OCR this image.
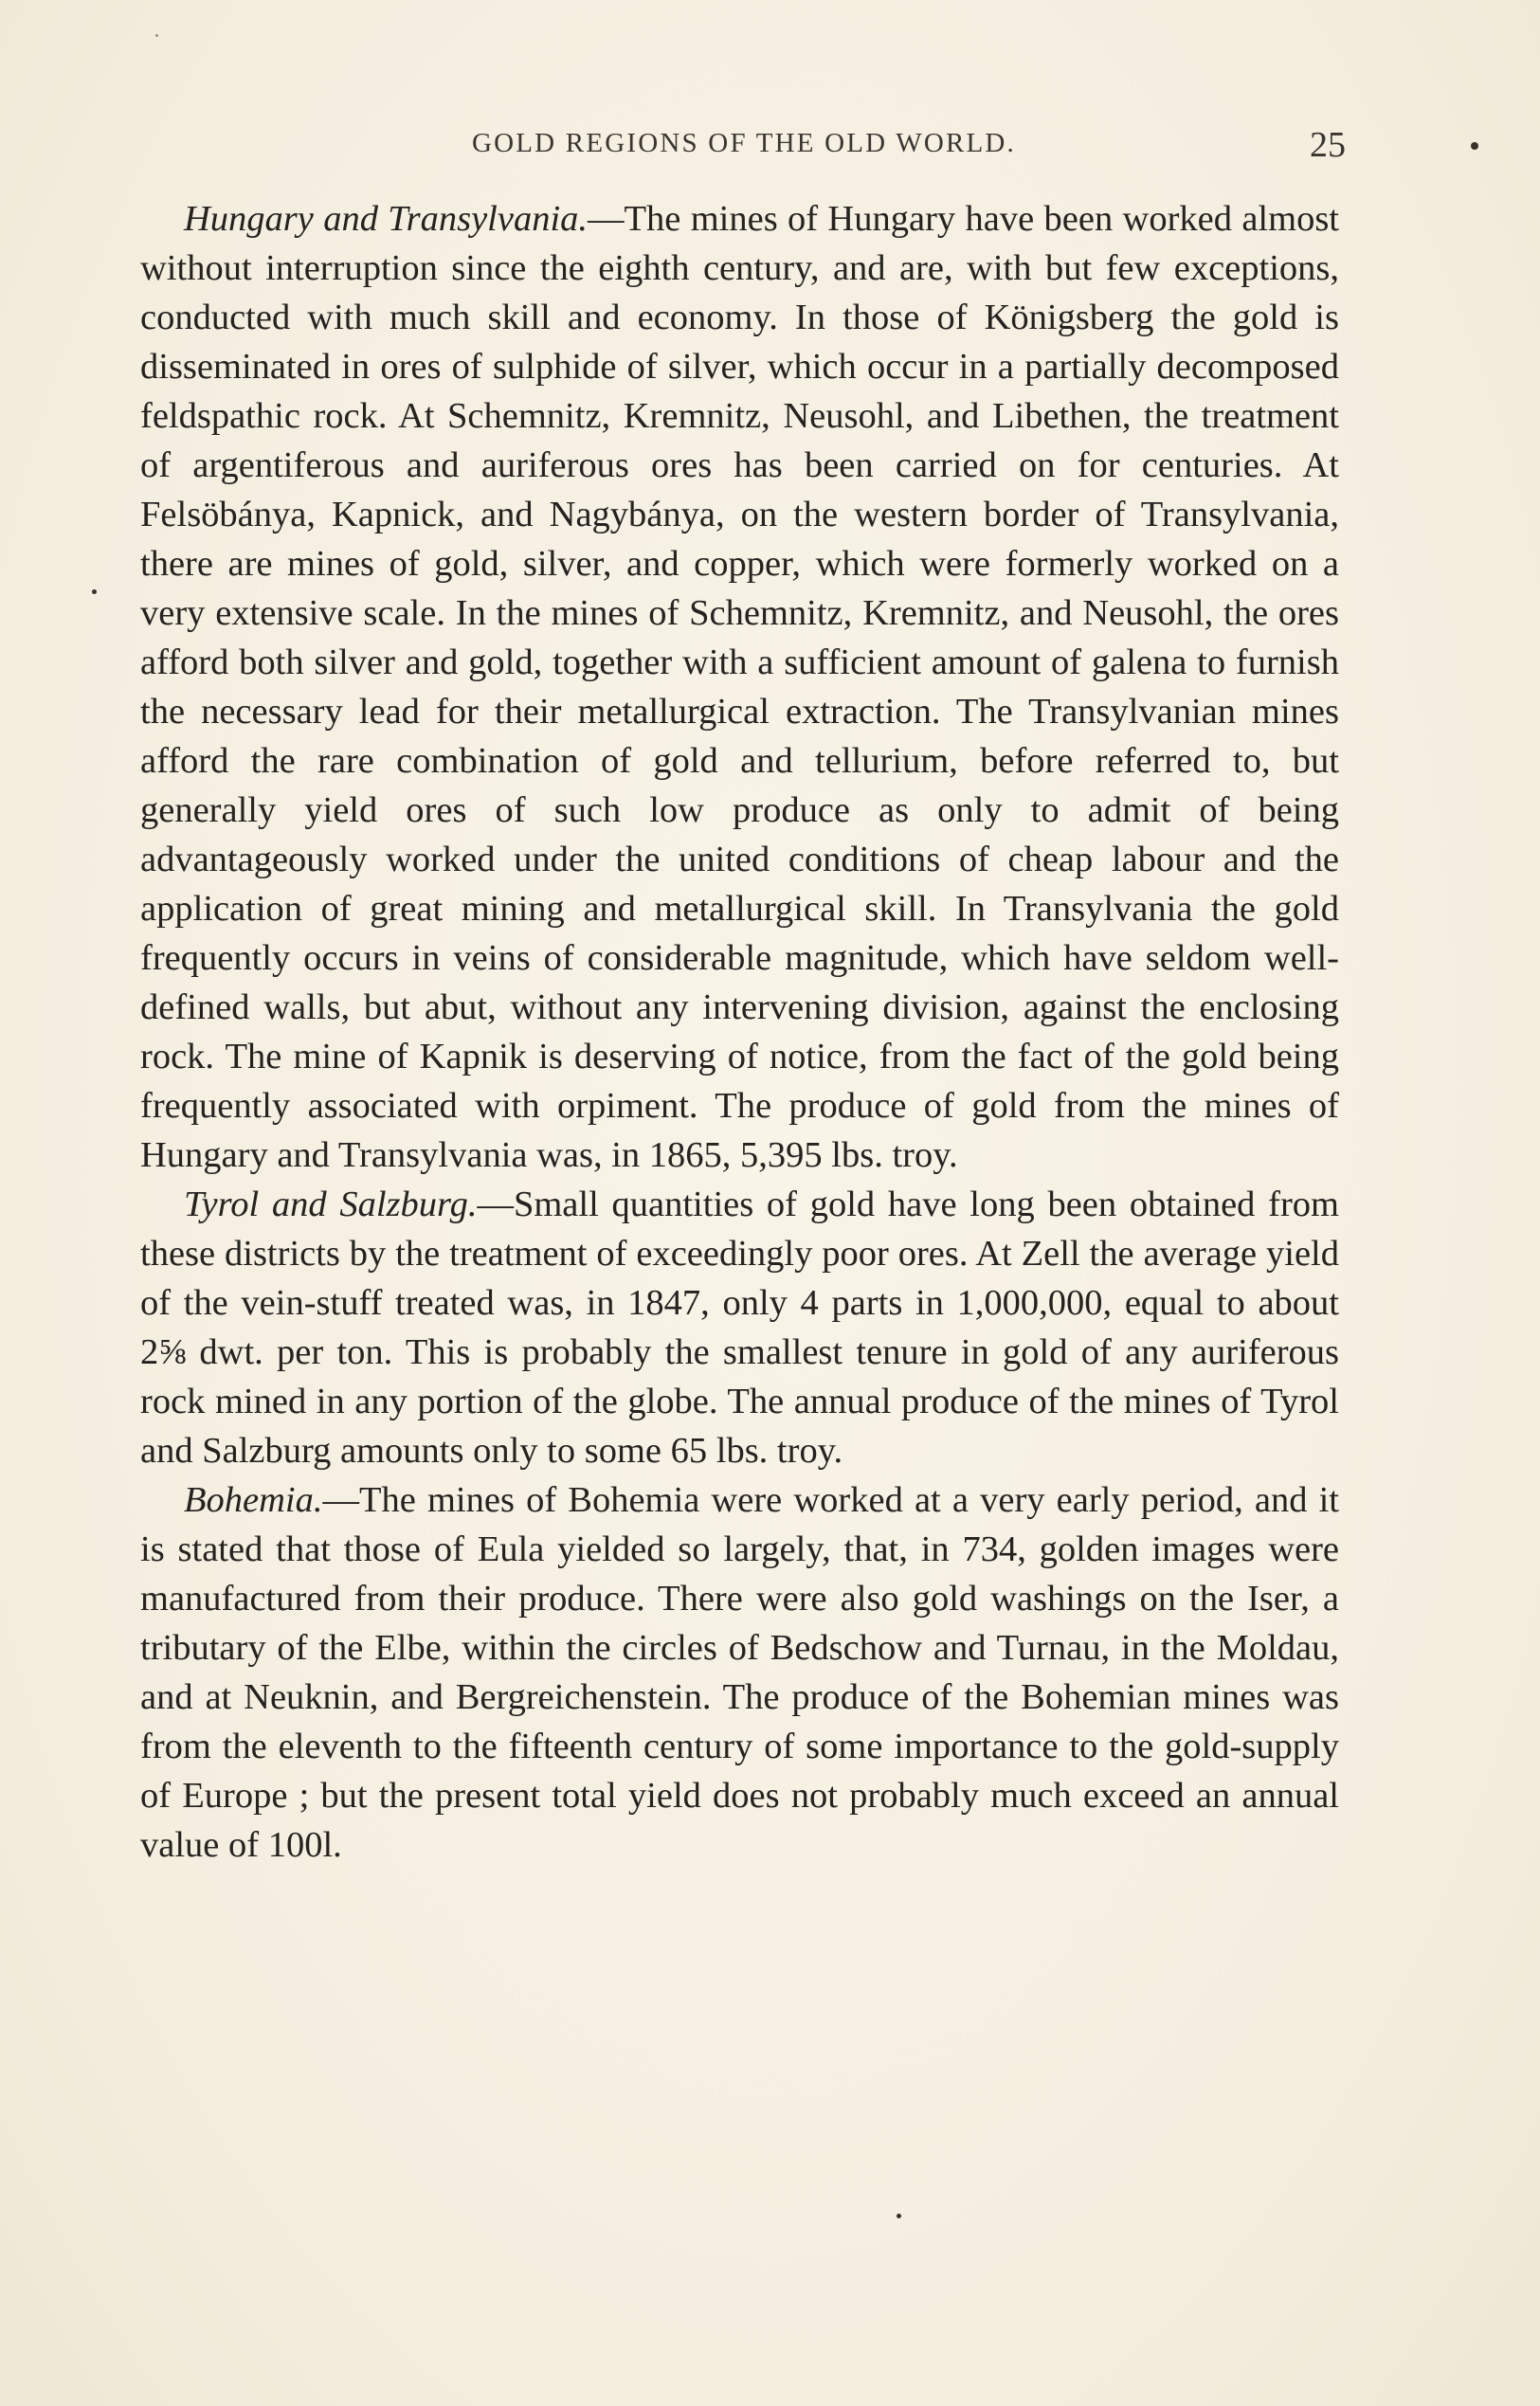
GOLD REGIONS OF THE OLD WORLD.	25

Hungary and Transylvania.—The mines of Hungary have been worked almost without interruption since the eighth century, and are, with but few exceptions, conducted with much skill and economy. In those of Königsberg the gold is disseminated in ores of sulphide of silver, which occur in a partially decomposed feldspathic rock. At Schemnitz, Kremnitz, Neusohl, and Libethen, the treatment of argentiferous and auriferous ores has been carried on for centuries. At Felsöbánya, Kapnick, and Nagybánya, on the western border of Transylvania, there are mines of gold, silver, and copper, which were formerly worked on a very extensive scale. In the mines of Schemnitz, Kremnitz, and Neusohl, the ores afford both silver and gold, together with a sufficient amount of galena to furnish the necessary lead for their metallurgical extraction. The Transylvanian mines afford the rare combination of gold and tellurium, before referred to, but generally yield ores of such low produce as only to admit of being advantageously worked under the united conditions of cheap labour and the application of great mining and metallurgical skill. In Transylvania the gold frequently occurs in veins of considerable magnitude, which have seldom well-defined walls, but abut, without any intervening division, against the enclosing rock. The mine of Kapnik is deserving of notice, from the fact of the gold being frequently associated with orpiment. The produce of gold from the mines of Hungary and Transylvania was, in 1865, 5,395 lbs. troy.

Tyrol and Salzburg.—Small quantities of gold have long been obtained from these districts by the treatment of exceedingly poor ores. At Zell the average yield of the vein-stuff treated was, in 1847, only 4 parts in 1,000,000, equal to about 2⅝ dwt. per ton. This is probably the smallest tenure in gold of any auriferous rock mined in any portion of the globe. The annual produce of the mines of Tyrol and Salzburg amounts only to some 65 lbs. troy.

Bohemia.—The mines of Bohemia were worked at a very early period, and it is stated that those of Eula yielded so largely, that, in 734, golden images were manufactured from their produce. There were also gold washings on the Iser, a tributary of the Elbe, within the circles of Bedschow and Turnau, in the Moldau, and at Neuknin, and Bergreichenstein. The produce of the Bohemian mines was from the eleventh to the fifteenth century of some importance to the gold-supply of Europe ; but the present total yield does not probably much exceed an annual value of 100l.
